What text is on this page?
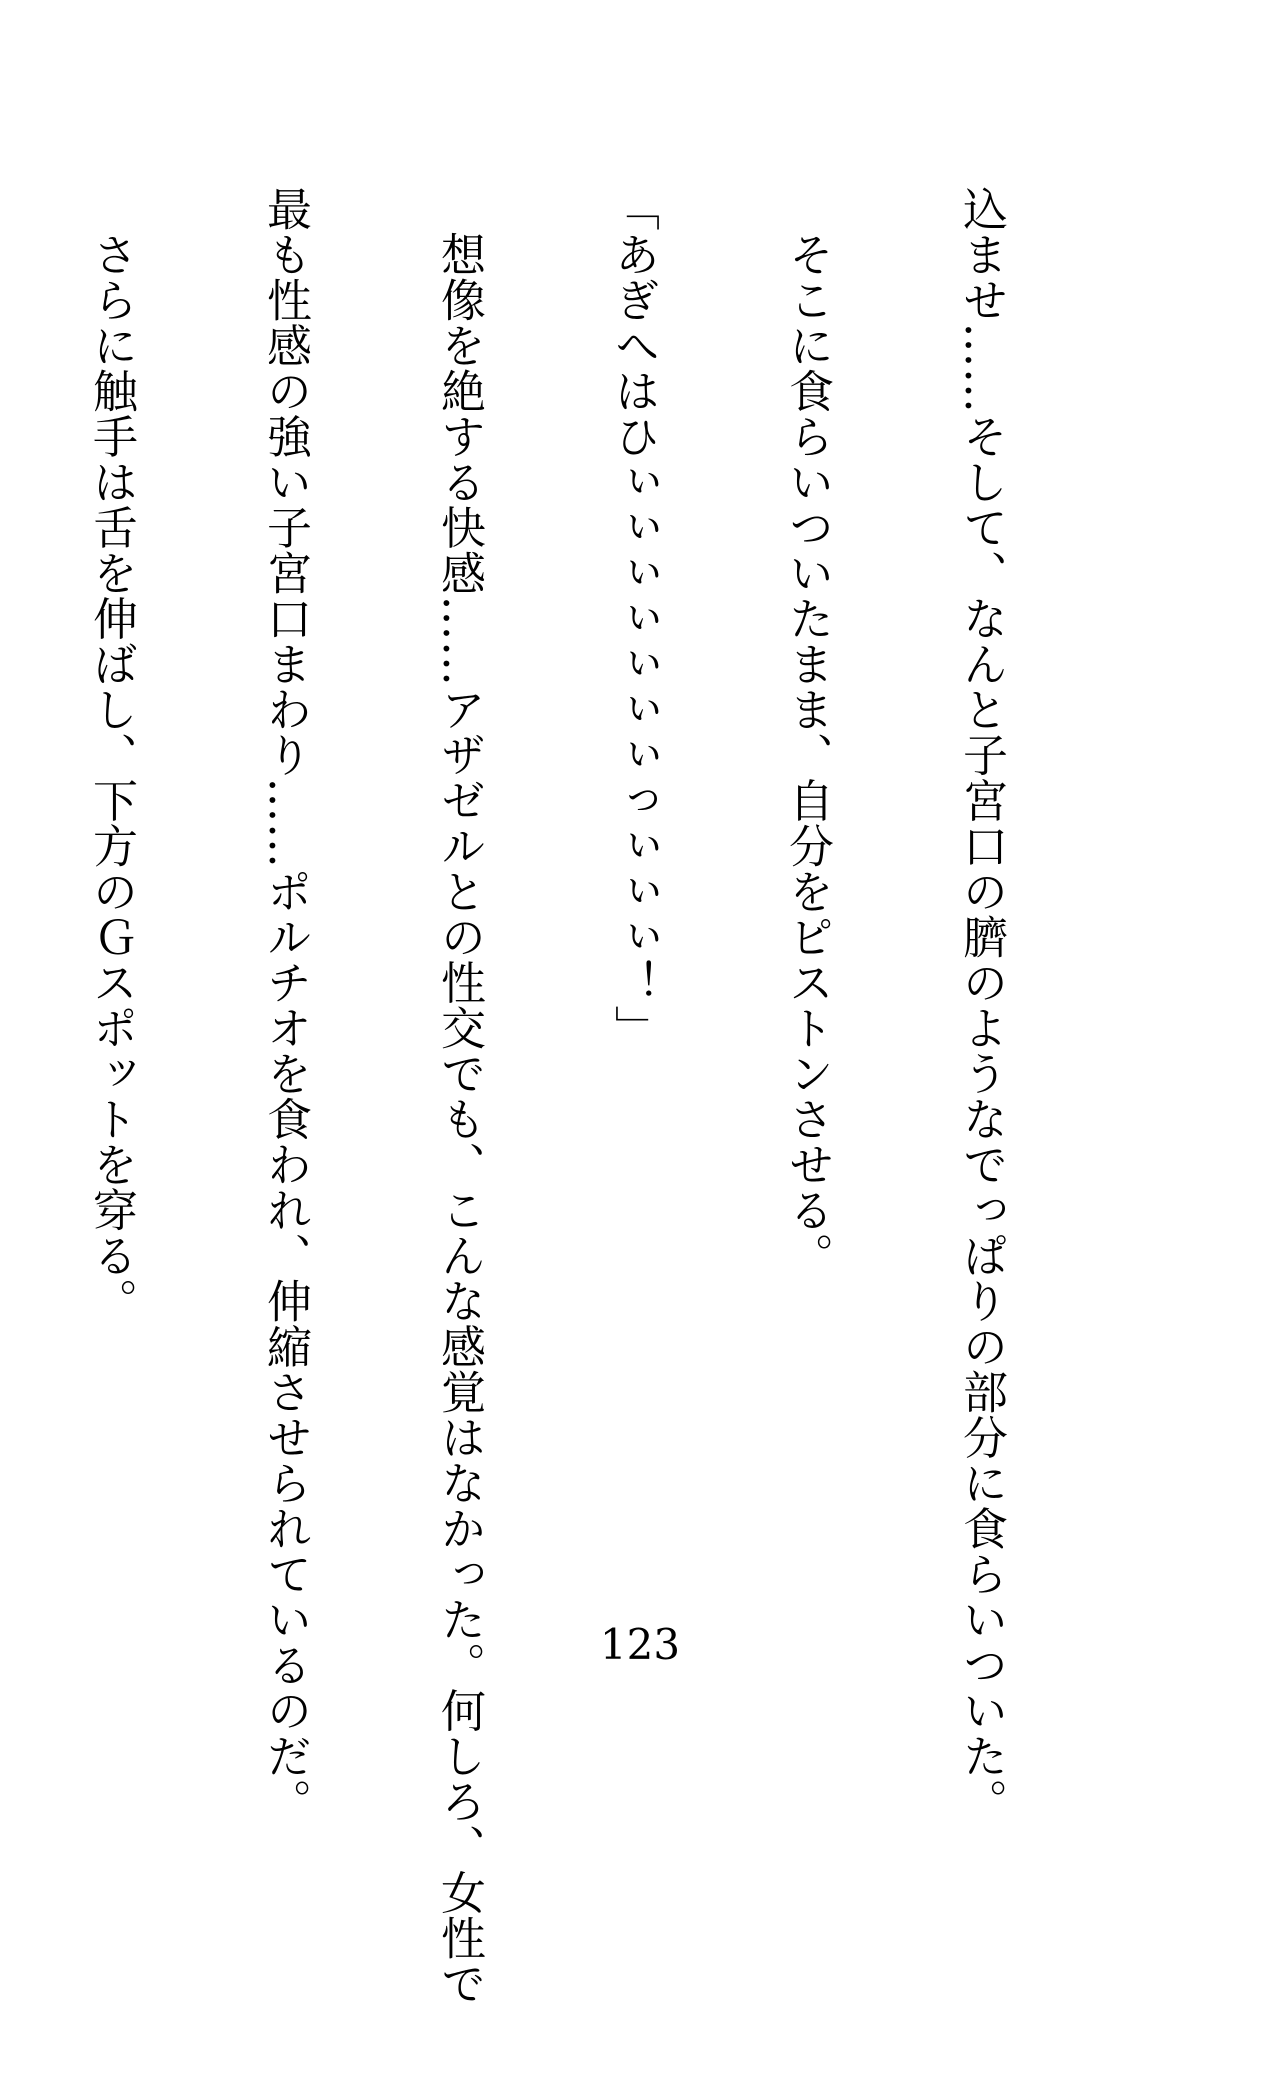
込ませ……そして、なんと子宮口の臍のようなでっぱりの部分に食らいついた。

　そこに食らいついたまま、自分をピストンさせる。

「あぎへはひぃぃぃぃぃぃぃっぃぃぃ！」

　想像を絶する快感……アザゼルとの性交でも、こんな感覚はなかった。何しろ、女性で

最も性感の強い子宮口まわり……ポルチオを食われ、伸縮させられているのだ。

　さらに触手は舌を伸ばし、下方のＧスポットを穿る。

123
